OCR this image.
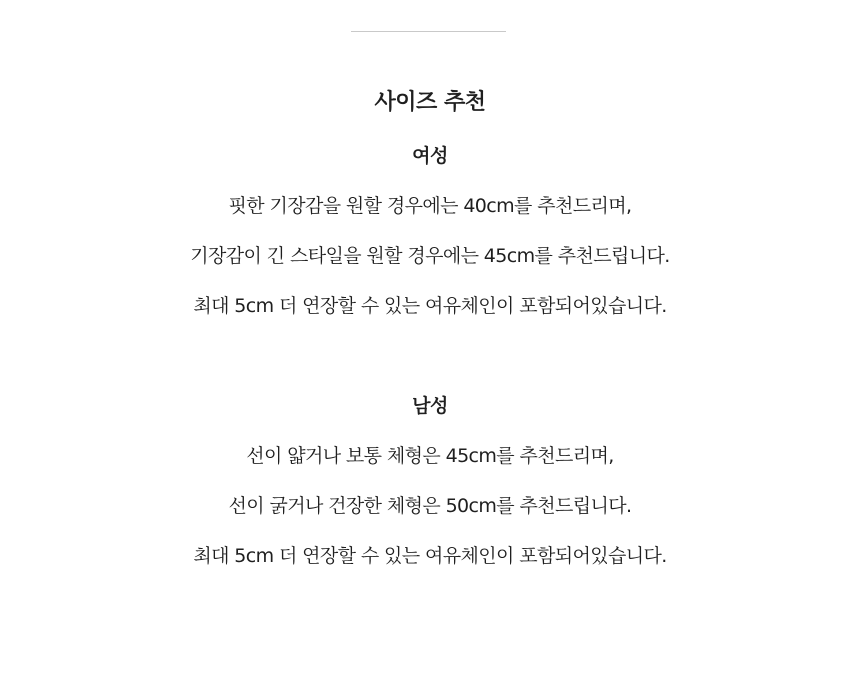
사이즈 추천
여성
핏한 기장감을 원할 경우에는 40cm를 추천드리며,
기장감이 긴 스타일을 원할 경우에는 45cm를 추천드립니다.
최대 5cm 더 연장할 수 있는 여유체인이 포함되어있습니다.
남성
선이 얇거나 보통 체형은 45cm를 추천드리며,
선이 굵거나 건장한 체형은 50cm를 추천드립니다.
최대 5cm 더 연장할 수 있는 여유체인이 포함되어있습니다.
